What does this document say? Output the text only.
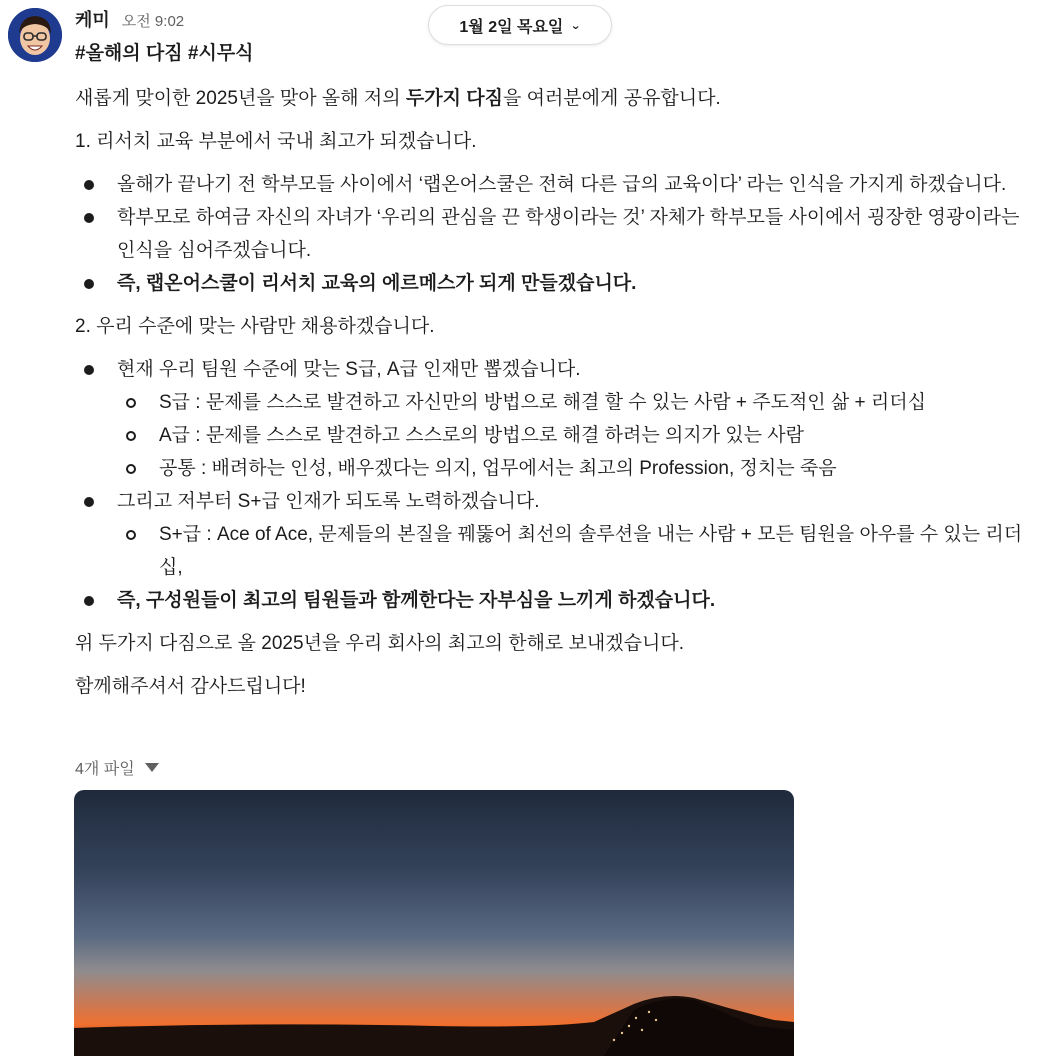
케미 오전 9:02	1월 2일 목요일 ⌄
#올해의 다짐 #시무식

새롭게 맞이한 2025년을 맞아 올해 저의 두가지 다짐을 여러분에게 공유합니다.

1. 리서치 교육 부분에서 국내 최고가 되겠습니다.

올해가 끝나기 전 학부모들 사이에서 ‘랩온어스쿨은 전혀 다른 급의 교육이다’ 라는 인식을 가지게 하겠습니다.
학부모로 하여금 자신의 자녀가 ‘우리의 관심을 끈 학생이라는 것’ 자체가 학부모들 사이에서 굉장한 영광이라는 인식을 심어주겠습니다.
즉, 랩온어스쿨이 리서치 교육의 에르메스가 되게 만들겠습니다.

2. 우리 수준에 맞는 사람만 채용하겠습니다.

현재 우리 팀원 수준에 맞는 S급, A급 인재만 뽑겠습니다.
S급 : 문제를 스스로 발견하고 자신만의 방법으로 해결 할 수 있는 사람 + 주도적인 삶 + 리더십
A급 : 문제를 스스로 발견하고 스스로의 방법으로 해결 하려는 의지가 있는 사람
공통 : 배려하는 인성, 배우겠다는 의지, 업무에서는 최고의 Profession, 정치는 죽음
그리고 저부터 S+급 인재가 되도록 노력하겠습니다.
S+급 : Ace of Ace, 문제들의 본질을 꿰뚫어 최선의 솔루션을 내는 사람 + 모든 팀원을 아우를 수 있는 리더십,
즉, 구성원들이 최고의 팀원들과 함께한다는 자부심을 느끼게 하겠습니다.

위 두가지 다짐으로 올 2025년을 우리 회사의 최고의 한해로 보내겠습니다.

함께해주셔서 감사드립니다!

4개 파일
